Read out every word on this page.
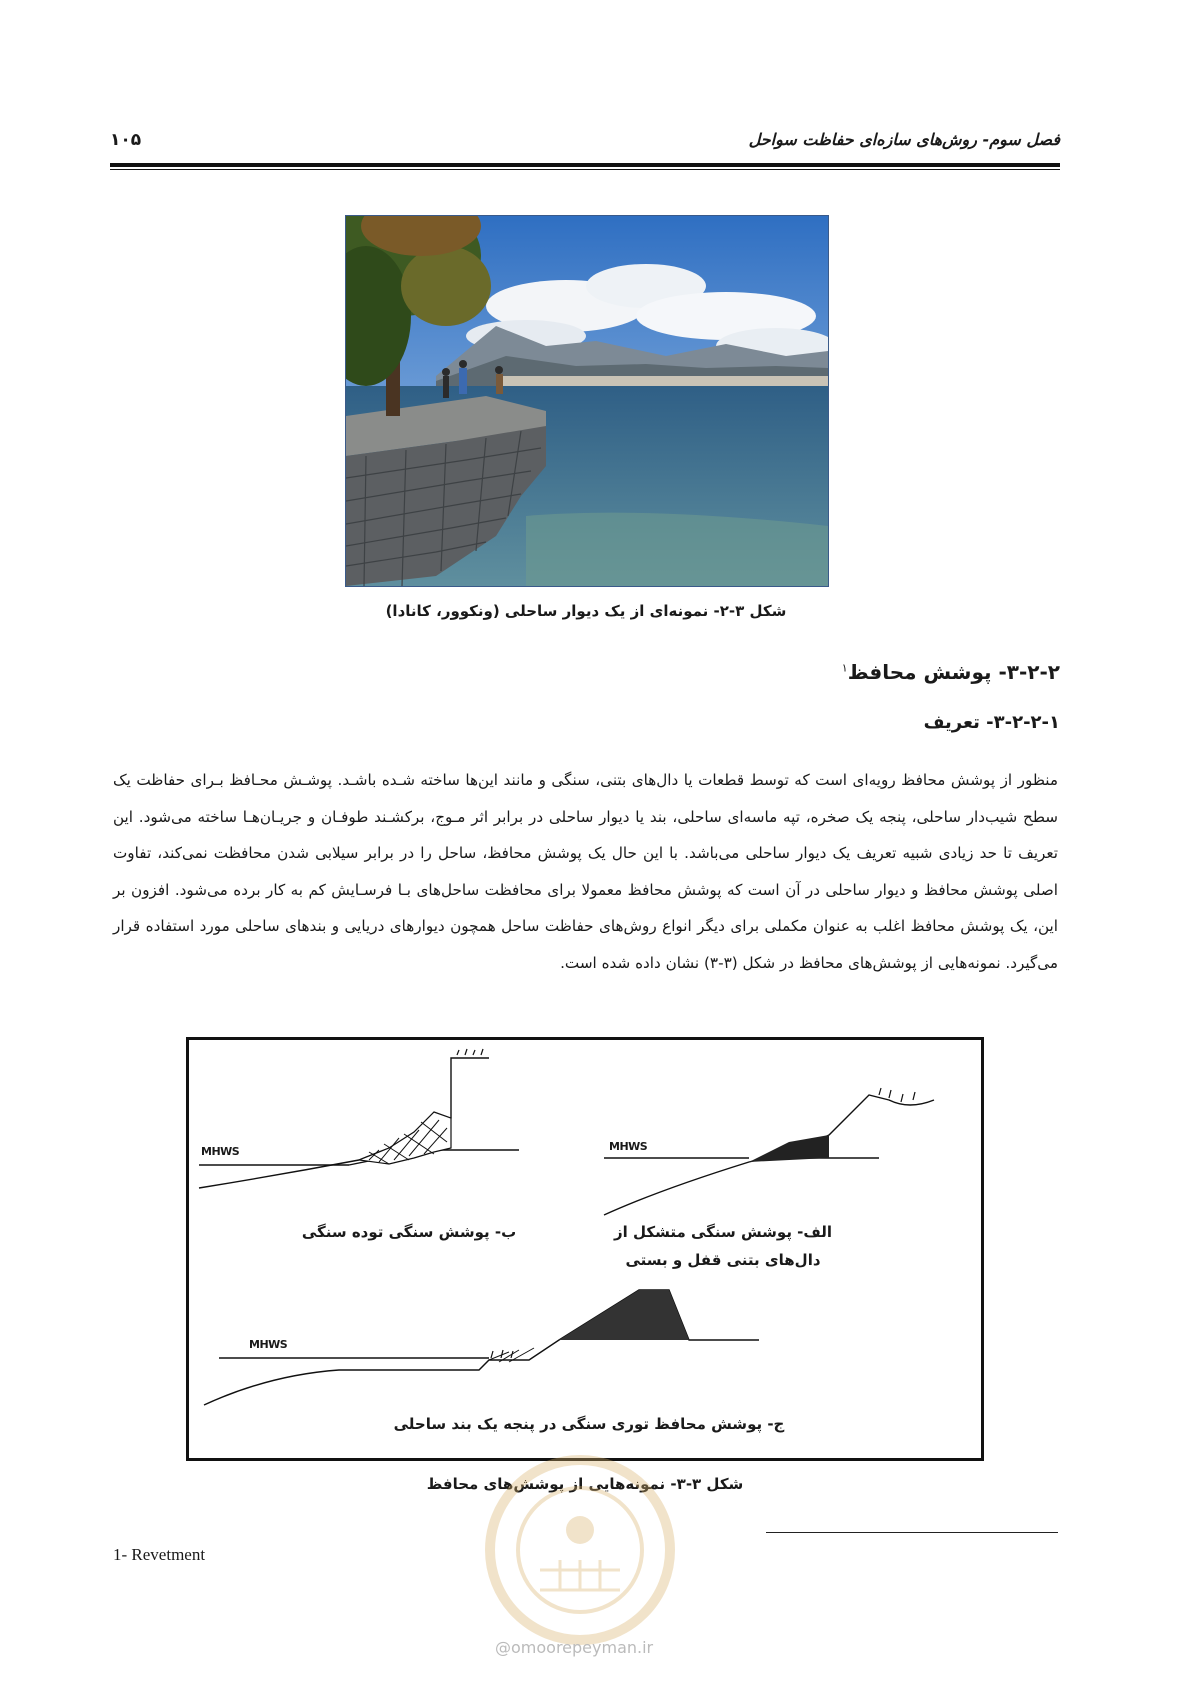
فصل سوم- روش‌های سازه‌ای حفاظت سواحل
۱۰۵
شکل ۳-۲- نمونه‌ای از یک دیوار ساحلی (ونکوور، کانادا)
۳-۲-۲- پوشش محافظ$^۱$
۳-۲-۲-۱- تعریف
منظور از پوشش محافظ رویه‌ای است که توسط قطعات یا دال‌های بتنی، سنگی و مانند این‌ها ساخته شـده باشـد. پوشـش محـافظ بـرای حفاظت یک سطح شیب‌دار ساحلی، پنجه یک صخره، تپه ماسه‌ای ساحلی، بند یا دیوار ساحلی در برابر اثر مـوج، برکشـند طوفـان و جریـان‌هـا ساخته می‌شود. این تعریف تا حد زیادی شبیه تعریف یک دیوار ساحلی می‌باشد. با این حال یک پوشش محافظ، ساحل را در برابر سیلابی شدن محافظت نمی‌کند، تفاوت اصلی پوشش محافظ و دیوار ساحلی در آن است که پوشش محافظ معمولا برای محافظت ساحل‌های بـا فرسـایش کم به کار برده می‌شود. افزون بر این، یک پوشش محافظ اغلب به عنوان مکملی برای دیگر انواع روش‌های حفاظت ساحل همچون دیوارهای دریایی و بندهای ساحلی مورد استفاده قرار می‌گیرد. نمونه‌هایی از پوشش‌های محافظ در شکل (۳-۳) نشان داده شده است.
MHWS	MHWS
MHWS
الف- پوشش سنگی متشکل از دال‌های بتنی قفل و بستی
ب- پوشش سنگی توده سنگی
ج- پوشش محافظ توری سنگی در پنجه یک بند ساحلی
شکل ۳-۳- نمونه‌هایی از پوشش‌های محافظ
1- Revetment
@omoorepeyman.ir
